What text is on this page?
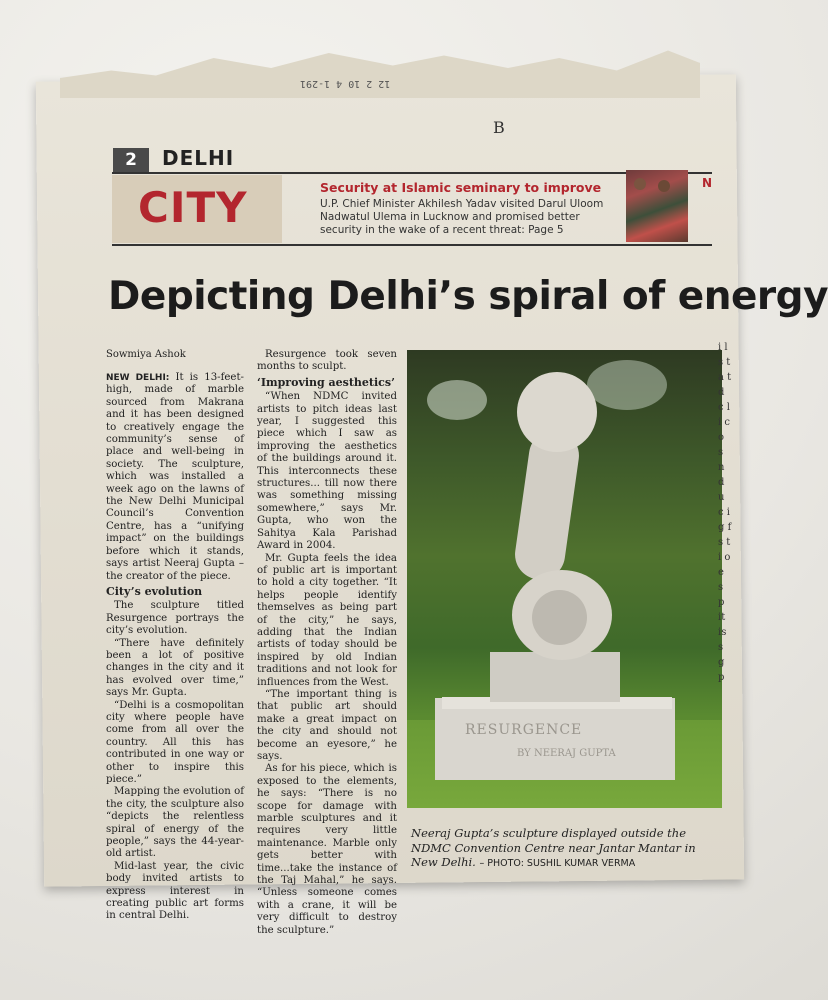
12 2 10 4 1-291
B
2	DELHI
CITY	Security at Islamic seminary to improve
U.P. Chief Minister Akhilesh Yadav visited Darul Uloom Nadwatul Ulema in Lucknow and promised better security in the wake of a recent threat: Page 5
N
Depicting Delhi’s spiral of energy
Sowmiya Ashok

NEW DELHI: It is 13-feet-high, made of marble sourced from Makrana and it has been designed to creatively engage the community’s sense of place and well-being in society. The sculpture, which was installed a week ago on the lawns of the New Delhi Municipal Council’s Convention Centre, has a “unifying impact” on the buildings before which it stands, says artist Neeraj Gupta – the creator of the piece.

City’s evolution

The sculpture titled Resurgence portrays the city’s evolution.

“There have definitely been a lot of positive changes in the city and it has evolved over time,” says Mr. Gupta.

“Delhi is a cosmopolitan city where people have come from all over the country. All this has contributed in one way or other to inspire this piece.”

Mapping the evolution of the city, the sculpture also “depicts the relentless spiral of energy of the people,” says the 44-year-old artist.

Mid-last year, the civic body invited artists to express interest in creating public art forms in central Delhi.

Resurgence took seven months to sculpt.

‘Improving aesthetics’

“When NDMC invited artists to pitch ideas last year, I suggested this piece which I saw as improving the aesthetics of the buildings around it. This interconnects these structures... till now there was something missing somewhere,” says Mr. Gupta, who won the Sahitya Kala Parishad Award in 2004.

Mr. Gupta feels the idea of public art is important to hold a city together. “It helps people identify themselves as being part of the city,” he says, adding that the Indian artists of today should be inspired by old Indian traditions and not look for influences from the West.

“The important thing is that public art should make a great impact on the city and should not become an eyesore,” he says.

As for his piece, which is exposed to the elements, he says: “There is no scope for damage with marble sculptures and it requires very little maintenance. Marble only gets better with time...take the instance of the Taj Mahal,” he says. “Unless someone comes with a crane, it will be very difficult to destroy the sculpture.”

RESURGENCE
BY NEERAJ GUPTA
Neeraj Gupta’s sculpture displayed outside the NDMC Convention Centre near Jantar Mantar in New Delhi. – PHOTO: SUSHIL KUMAR VERMA
i l s t a t d c l i c o s n d u c i g f s t i o e s p it is s g p
